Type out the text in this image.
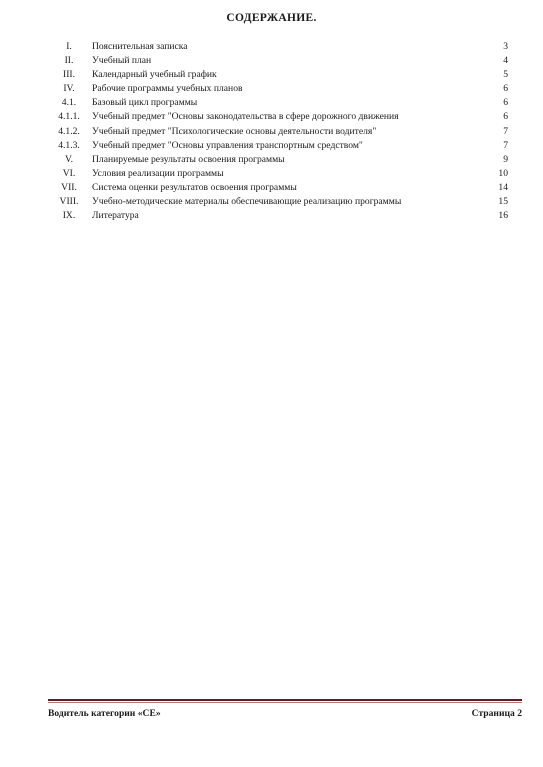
СОДЕРЖАНИЕ.
I.	Пояснительная записка	3
II.	Учебный план	4
III.	Календарный учебный график	5
IV.	Рабочие программы учебных планов	6
4.1.	Базовый цикл программы	6
4.1.1.	Учебный предмет "Основы законодательства в сфере дорожного движения	6
4.1.2.	Учебный предмет "Психологические основы деятельности водителя"	7
4.1.3.	Учебный предмет "Основы управления транспортным средством"	7
V.	Планируемые результаты освоения программы	9
VI.	Условия реализации программы	10
VII.	Система оценки результатов освоения программы	14
VIII.	Учебно-методические материалы обеспечивающие реализацию программы	15
IX.	Литература	16
Водитель категории «СЕ»	Страница 2
